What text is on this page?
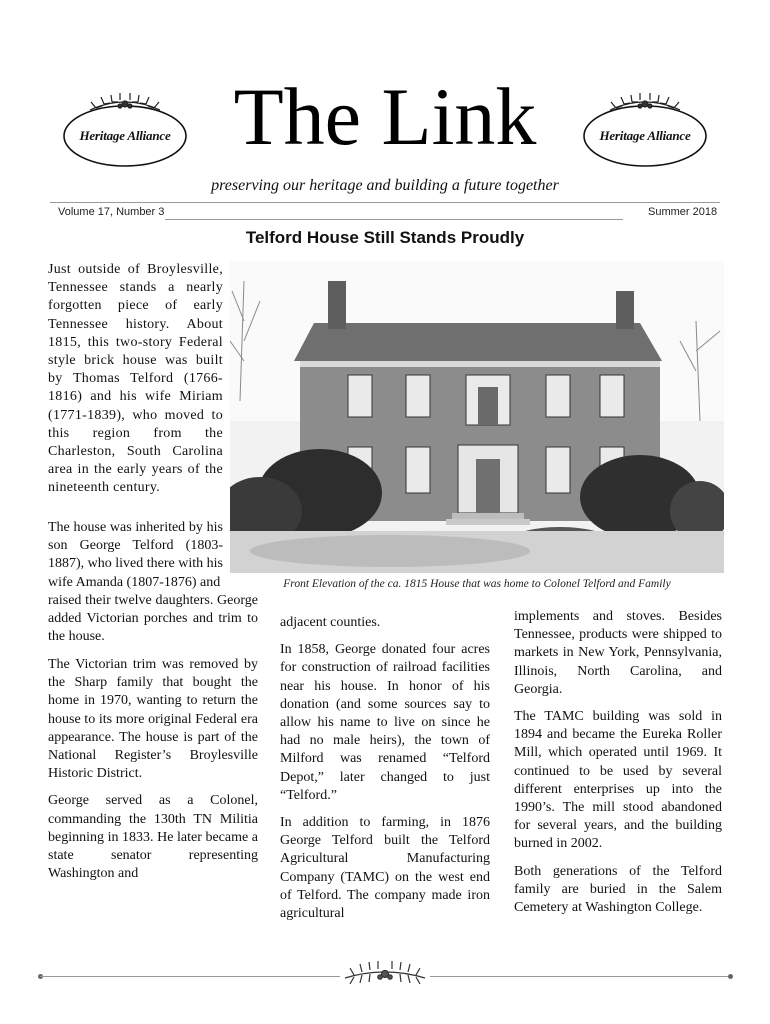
Heritage Alliance The Link	Heritage Alliance
preserving our heritage and building a future together
Volume 17, Number 3	Summer 2018
Telford House Still Stands Proudly

Just outside of Broylesville, Tennessee stands a nearly forgotten piece of early Tennessee history. About 1815, this two-story Federal style brick house was built by Thomas Telford (1766-1816) and his wife Miriam (1771-1839), who moved to this region from the Charleston, South Carolina area in the early years of the nineteenth century.

Front Elevation of the ca. 1815 House that was home to Colonel Telford and Family

raised their twelve daughters. George added Victorian porches and trim to the house.

The house was inherited by his son George Telford (1803-1887), who lived there with his wife Amanda (1807-1876) and

The Victorian trim was removed by the Sharp family that bought the home in 1970, wanting to return the house to its more original Federal era appearance. The house is part of the National Register’s Broylesville Historic District.

George served as a Colonel, commanding the 130th TN Militia beginning in 1833. He later became a state senator representing Washington and

adjacent counties.

In 1858, George donated four acres for construction of railroad facilities near his house. In honor of his donation (and some sources say to allow his name to live on since he had no male heirs), the town of Milford was renamed “Telford Depot,” later changed to just “Telford.”

In addition to farming, in 1876 George Telford built the Telford Agricultural Manufacturing Company (TAMC) on the west end of Telford. The company made iron agricultural

implements and stoves. Besides Tennessee, products were shipped to markets in New York, Pennsylvania, Illinois, North Carolina, and Georgia.

The TAMC building was sold in 1894 and became the Eureka Roller Mill, which operated until 1969. It continued to be used by several different enterprises up into the 1990’s. The mill stood abandoned for several years, and the building burned in 2002.

Both generations of the Telford family are buried in the Salem Cemetery at Washington College.
